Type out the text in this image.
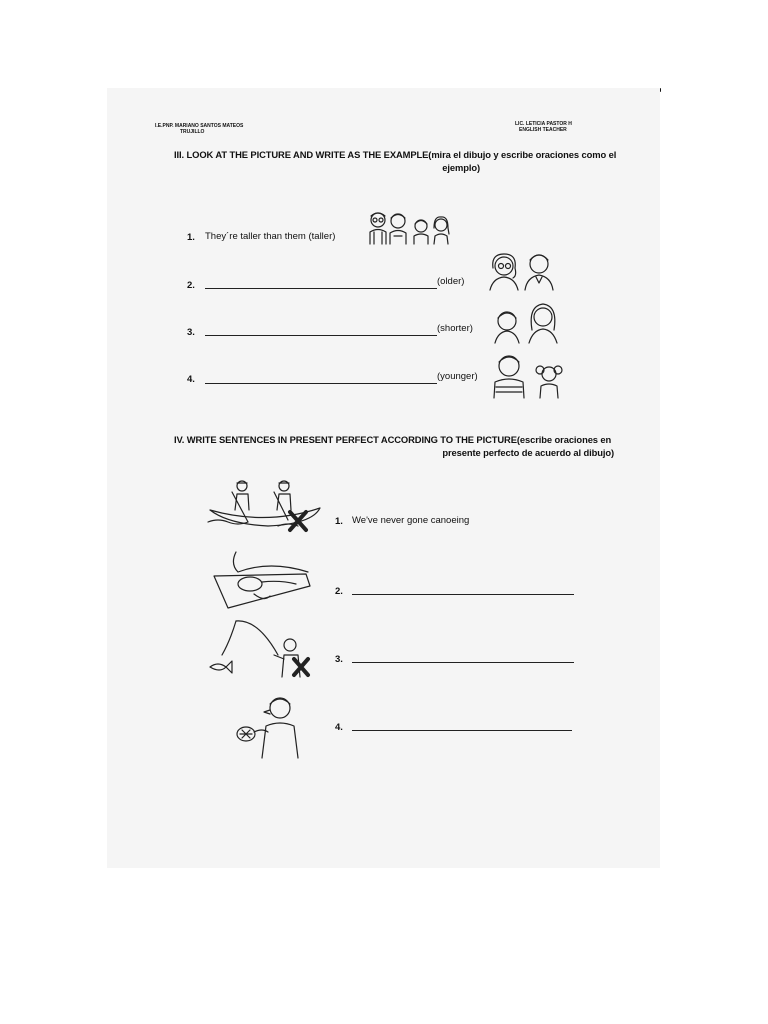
I.E.PNP. MARIANO SANTOS MATEOS
TRUJILLO
LIC. LETICIA PASTOR H
ENGLISH TEACHER
III. LOOK AT THE PICTURE AND WRITE AS THE EXAMPLE(mira el dibujo y escribe oraciones como el
ejemplo)
1. They´re taller than them (taller)
2.	(older)
3.	(shorter)
4.	(younger)
IV. WRITE SENTENCES IN PRESENT PERFECT ACCORDING TO THE PICTURE(escribe oraciones en
presente perfecto de acuerdo al dibujo)
1. We've never gone canoeing
2.
3.
4.
